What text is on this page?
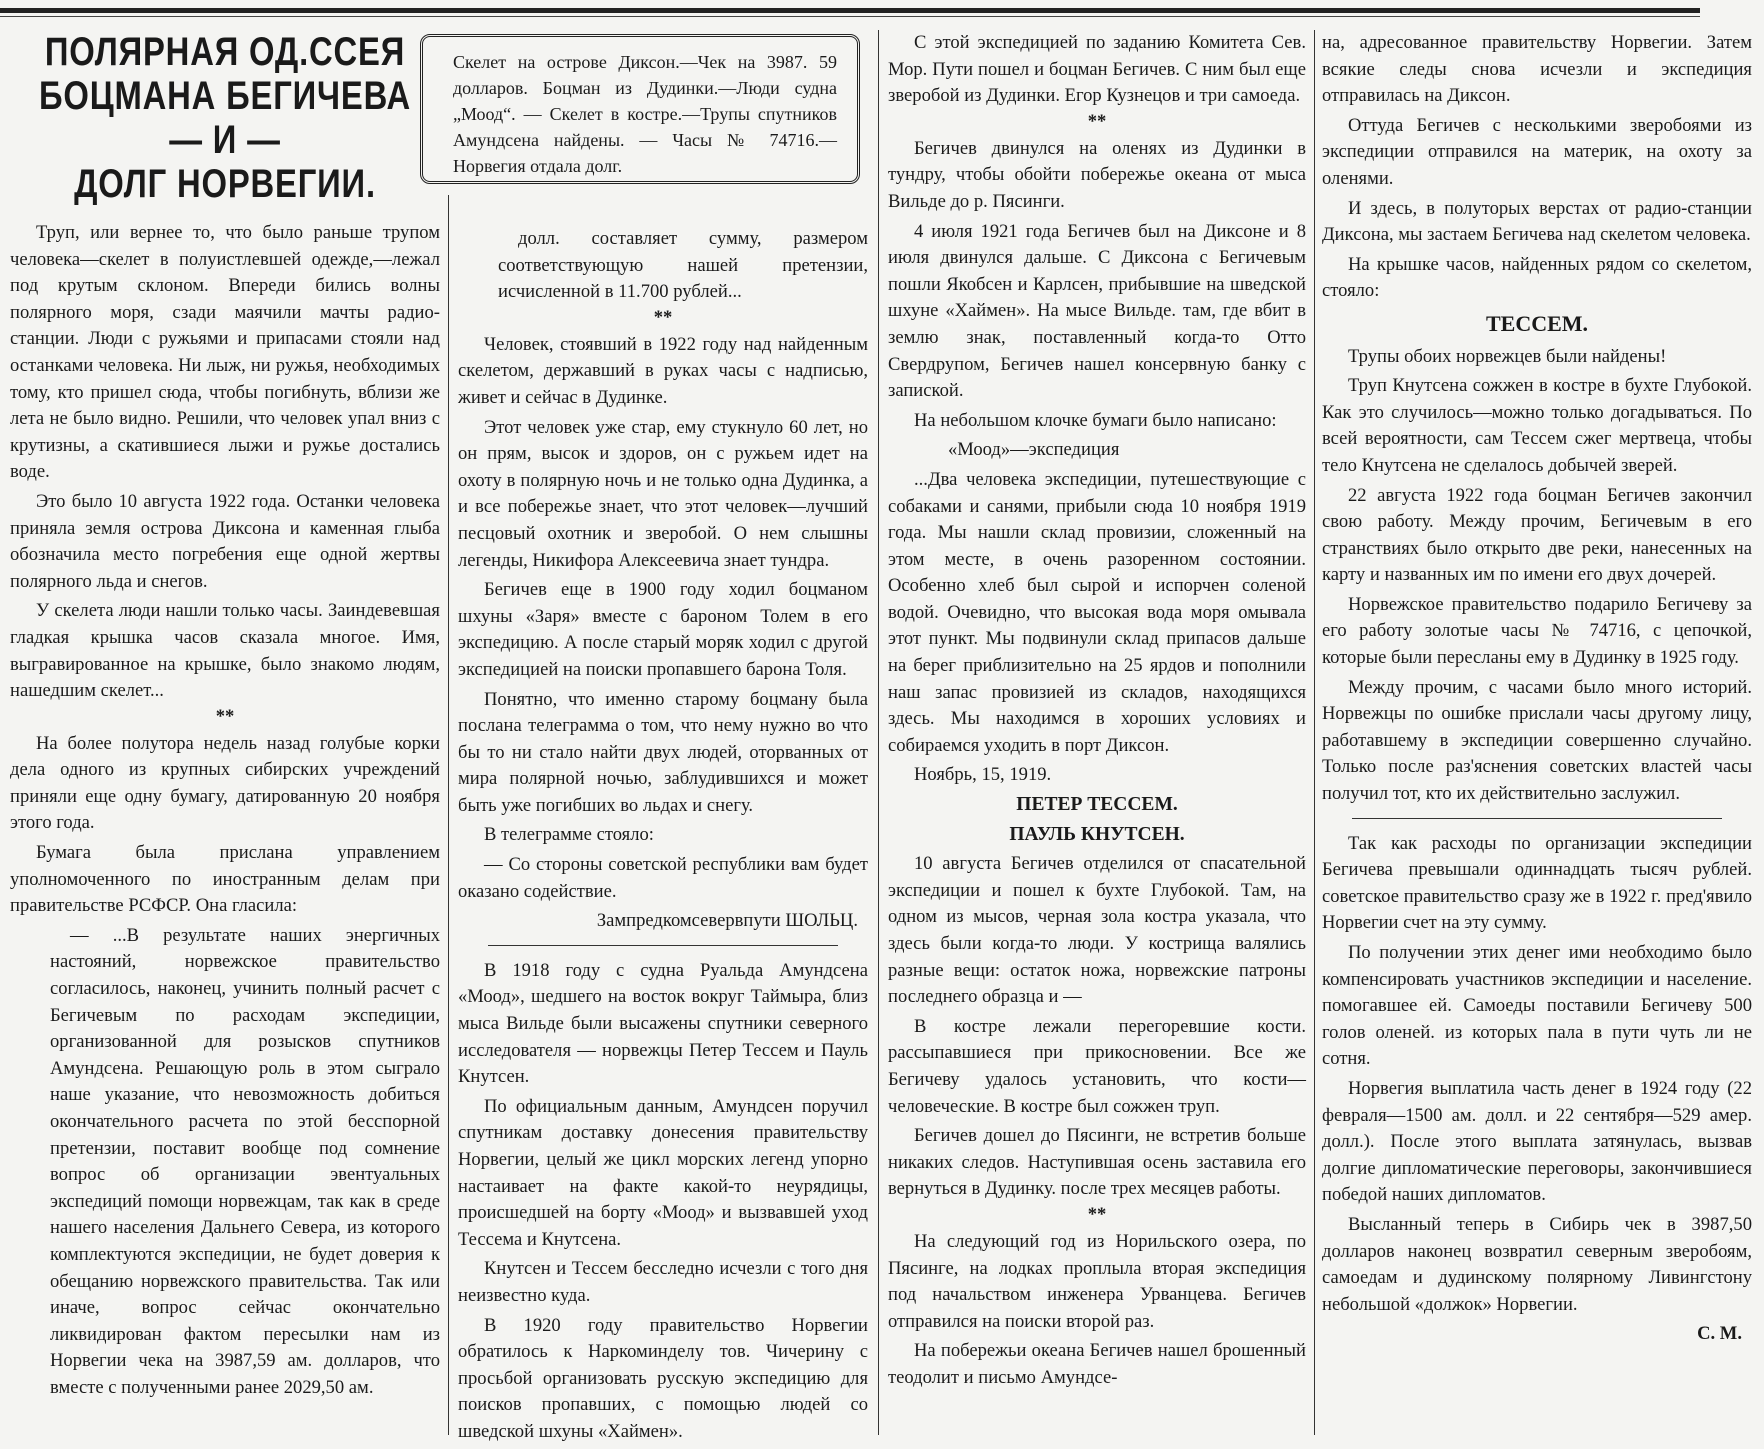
ПОЛЯРНАЯ ОД.ССЕЯ
БОЦМАНА БЕГИЧЕВА
— И —
ДОЛГ НОРВЕГИИ.

Труп, или вернее то, что было раньше трупом человека—скелет в полуистлевшей одежде,—лежал под крутым склоном. Впереди бились волны полярного моря, сзади маячили мачты радио-станции. Люди с ружьями и припасами стояли над останками человека. Ни лыж, ни ружья, необходимых тому, кто пришел сюда, чтобы погибнуть, вблизи же лета не было видно. Решили, что человек упал вниз с крутизны, а скатившиеся лыжи и ружье достались воде.

Это было 10 августа 1922 года. Останки человека приняла земля острова Диксона и каменная глыба обозначила место погребения еще одной жертвы полярного льда и снегов.

У скелета люди нашли только часы. Заиндевевшая гладкая крышка часов сказала многое. Имя, выгравированное на крышке, было знакомо людям, нашедшим скелет...

**

На более полутора недель назад голубые корки дела одного из крупных сибирских учреждений приняли еще одну бумагу, датированную 20 ноября этого года.

Бумага была прислана управлением уполномоченного по иностранным делам при правительстве РСФСР. Она гласила:

— ...В результате наших энергичных настояний, норвежское правительство согласилось, наконец, учинить полный расчет с Бегичевым по расходам экспедиции, организованной для розысков спутников Амундсена. Решающую роль в этом сыграло наше указание, что невозможность добиться окончательного расчета по этой бесспорной претензии, поставит вообще под сомнение вопрос об организации эвентуальных экспедиций помощи норвежцам, так как в среде нашего населения Дальнего Севера, из которого комплектуются экспедиции, не будет доверия к обещанию норвежского правительства. Так или иначе, вопрос сейчас окончательно ликвидирован фактом пересылки нам из Норвегии чека на 3987,59 ам. долларов, что вместе с полученными ранее 2029,50 ам.

Скелет на острове Диксон.—Чек на 3987. 59 долларов. Боцман из Дудинки.—Люди судна „Моод“. — Скелет в костре.—Трупы спутников Амундсена найдены. — Часы № 74716.—Норвегия отдала долг.

долл. составляет сумму, размером соответствующую нашей претензии, исчисленной в 11.700 рублей...

**

Человек, стоявший в 1922 году над найденным скелетом, державший в руках часы с надписью, живет и сейчас в Дудинке.

Этот человек уже стар, ему стукнуло 60 лет, но он прям, высок и здоров, он с ружьем идет на охоту в полярную ночь и не только одна Дудинка, а и все побережье знает, что этот человек—лучший песцовый охотник и зверобой. О нем слышны легенды, Никифора Алексеевича знает тундра.

Бегичев еще в 1900 году ходил боцманом шхуны «Заря» вместе с бароном Толем в его экспедицию. А после старый моряк ходил с другой экспедицией на поиски пропавшего барона Толя.

Понятно, что именно старому боцману была послана телеграмма о том, что нему нужно во что бы то ни стало найти двух людей, оторванных от мира полярной ночью, заблудившихся и может быть уже погибших во льдах и снегу.

В телеграмме стояло:

— Со стороны советской республики вам будет оказано содействие.

Зампредкомсевервпути ШОЛЬЦ.

В 1918 году с судна Руальда Амундсена «Моод», шедшего на восток вокруг Таймыра, близ мыса Вильде были высажены спутники северного исследователя — норвежцы Петер Тессем и Пауль Кнутсен.

По официальным данным, Амундсен поручил спутникам доставку донесения правительству Норвегии, целый же цикл морских легенд упорно настаивает на факте какой-то неурядицы, происшедшей на борту «Моод» и вызвавшей уход Тессема и Кнутсена.

Кнутсен и Тессем бесследно исчезли с того дня неизвестно куда.

В 1920 году правительство Норвегии обратилось к Наркоминделу тов. Чичерину с просьбой организовать русскую экспедицию для поисков пропавших, с помощью людей со шведской шхуны «Хаймен».

С этой экспедицией по заданию Комитета Сев. Мор. Пути пошел и боцман Бегичев. С ним был еще зверобой из Дудинки. Егор Кузнецов и три самоеда.

**

Бегичев двинулся на оленях из Дудинки в тундру, чтобы обойти побережье океана от мыса Вильде до р. Пясинги.

4 июля 1921 года Бегичев был на Диксоне и 8 июля двинулся дальше. С Диксона с Бегичевым пошли Якобсен и Карлсен, прибывшие на шведской шхуне «Хаймен». На мысе Вильде. там, где вбит в землю знак, поставленный когда-то Отто Свердрупом, Бегичев нашел консервную банку с запиской.

На небольшом клочке бумаги было написано:

«Моод»—экспедиция

...Два человека экспедиции, путешествующие с собаками и санями, прибыли сюда 10 ноября 1919 года. Мы нашли склад провизии, сложенный на этом месте, в очень разоренном состоянии. Особенно хлеб был сырой и испорчен соленой водой. Очевидно, что высокая вода моря омывала этот пункт. Мы подвинули склад припасов дальше на берег приблизительно на 25 ярдов и пополнили наш запас провизией из складов, находящихся здесь. Мы находимся в хороших условиях и собираемся уходить в порт Диксон.

Ноябрь, 15, 1919.

ПЕТЕР ТЕССЕМ.

ПАУЛЬ КНУТСЕН.

10 августа Бегичев отделился от спасательной экспедиции и пошел к бухте Глубокой. Там, на одном из мысов, черная зола костра указала, что здесь были когда-то люди. У кострища валялись разные вещи: остаток ножа, норвежские патроны последнего образца и —

В костре лежали перегоревшие кости. рассыпавшиеся при прикосновении. Все же Бегичеву удалось установить, что кости—человеческие. В костре был сожжен труп.

Бегичев дошел до Пясинги, не встретив больше никаких следов. Наступившая осень заставила его вернуться в Дудинку. после трех месяцев работы.

**

На следующий год из Норильского озера, по Пясинге, на лодках проплыла вторая экспедиция под начальством инженера Урванцева. Бегичев отправился на поиски второй раз.

На побережьи океана Бегичев нашел брошенный теодолит и письмо Амундсе-

на, адресованное правительству Норвегии. Затем всякие следы снова исчезли и экспедиция отправилась на Диксон.

Оттуда Бегичев с несколькими зверобоями из экспедиции отправился на материк, на охоту за оленями.

И здесь, в полуторых верстах от радио-станции Диксона, мы застаем Бегичева над скелетом человека.

На крышке часов, найденных рядом со скелетом, стояло:

ТЕССЕМ.

Трупы обоих норвежцев были найдены!

Труп Кнутсена сожжен в костре в бухте Глубокой. Как это случилось—можно только догадываться. По всей вероятности, сам Тессем сжег мертвеца, чтобы тело Кнутсена не сделалось добычей зверей.

22 августа 1922 года боцман Бегичев закончил свою работу. Между прочим, Бегичевым в его странствиях было открыто две реки, нанесенных на карту и названных им по имени его двух дочерей.

Норвежское правительство подарило Бегичеву за его работу золотые часы № 74716, с цепочкой, которые были пересланы ему в Дудинку в 1925 году.

Между прочим, с часами было много историй. Норвежцы по ошибке прислали часы другому лицу, работавшему в экспедиции совершенно случайно. Только после раз'яснения советских властей часы получил тот, кто их действительно заслужил.

Так как расходы по организации экспедиции Бегичева превышали одиннадцать тысяч рублей. советское правительство сразу же в 1922 г. пред'явило Норвегии счет на эту сумму.

По получении этих денег ими необходимо было компенсировать участников экспедиции и население. помогавшее ей. Самоеды поставили Бегичеву 500 голов оленей. из которых пала в пути чуть ли не сотня.

Норвегия выплатила часть денег в 1924 году (22 февраля—1500 ам. долл. и 22 сентября—529 амер. долл.). После этого выплата затянулась, вызвав долгие дипломатические переговоры, закончившиеся победой наших дипломатов.

Высланный теперь в Сибирь чек в 3987,50 долларов наконец возвратил северным зверобоям, самоедам и дудинскому полярному Ливингстону небольшой «должок» Норвегии.

С. М.
